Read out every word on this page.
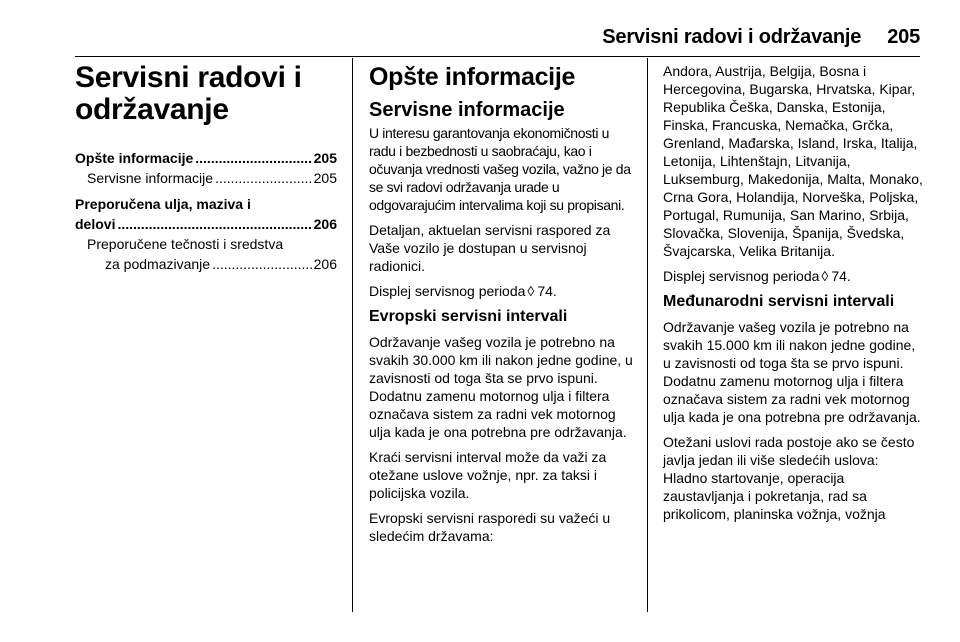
Servisni radovi i održavanje 205
Servisni radovi i
održavanje
Opšte informacije .....	205
Servisne informacije .....	205
Preporučena ulja, maziva i
delovi .....	206
Preporučene tečnosti i sredstva
za podmazivanje .....	206
Opšte informacije
Servisne informacije

U interesu garantovanja ekonomičnosti u radu i bezbednosti u saobraćaju, kao i očuvanja vrednosti vašeg vozila, važno je da se svi radovi održavanja urade u odgovarajućim intervalima koji su propisani.

Detaljan, aktuelan servisni raspored za Vaše vozilo je dostupan u servisnoj radionici.

Displej servisnog perioda ◊ 74.

Evropski servisni intervali

Održavanje vašeg vozila je potrebno na svakih 30.000 km ili nakon jedne godine, u zavisnosti od toga šta se prvo ispuni. Dodatnu zamenu motornog ulja i filtera označava sistem za radni vek motornog ulja kada je ona potrebna pre održavanja.

Kraći servisni interval može da važi za otežane uslove vožnje, npr. za taksi i policijska vozila.

Evropski servisni rasporedi su važeći u sledećim državama:

Andora, Austrija, Belgija, Bosna i Hercegovina, Bugarska, Hrvatska, Kipar, Republika Češka, Danska, Estonija, Finska, Francuska, Nemačka, Grčka, Grenland, Mađarska, Island, Irska, Italija, Letonija, Lihtenštajn, Litvanija, Luksemburg, Makedonija, Malta, Monako, Crna Gora, Holandija, Norveška, Poljska, Portugal, Rumunija, San Marino, Srbija, Slovačka, Slovenija, Španija, Švedska, Švajcarska, Velika Britanija.

Displej servisnog perioda ◊ 74.

Međunarodni servisni intervali

Održavanje vašeg vozila je potrebno na svakih 15.000 km ili nakon jedne godine, u zavisnosti od toga šta se prvo ispuni. Dodatnu zamenu motornog ulja i filtera označava sistem za radni vek motornog ulja kada je ona potrebna pre održavanja.

Otežani uslovi rada postoje ako se često javlja jedan ili više sledećih uslova: Hladno startovanje, operacija zaustavljanja i pokretanja, rad sa prikolicom, planinska vožnja, vožnja
